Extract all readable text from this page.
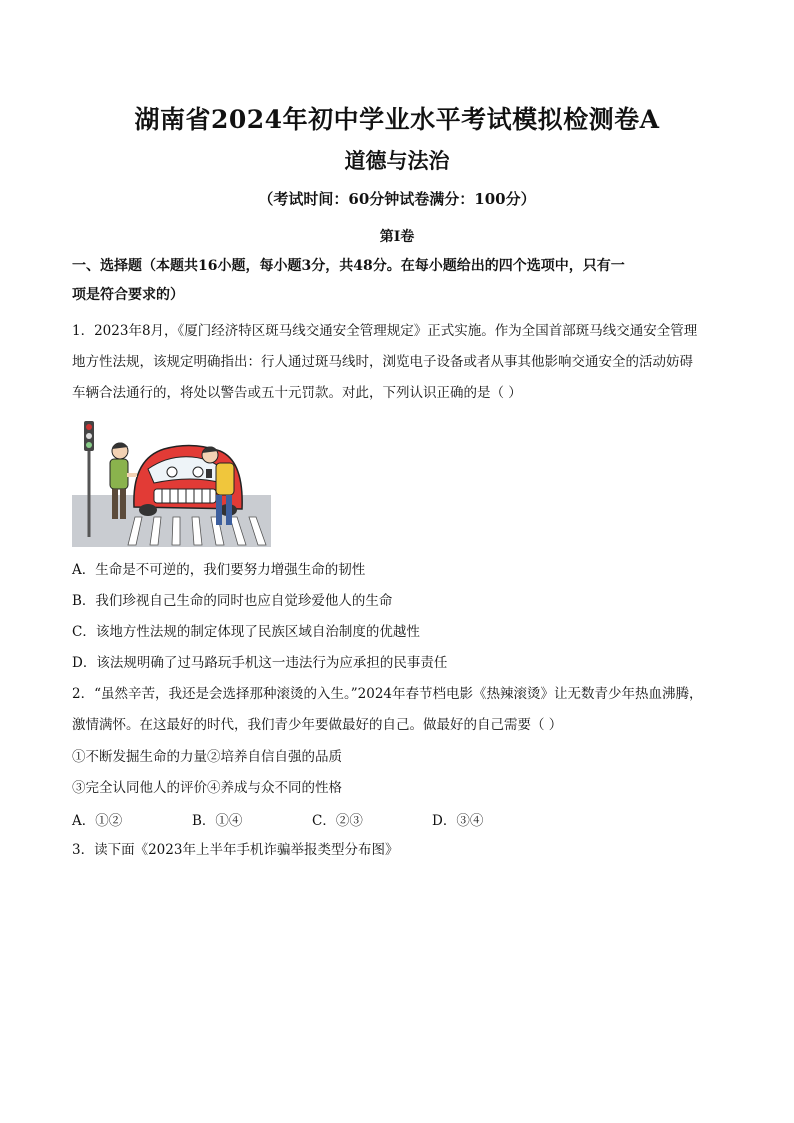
湖南省2024年初中学业水平考试模拟检测卷A
道德与法治
（考试时间：60分钟试卷满分：100分）
第I卷
一、选择题（本题共16小题，每小题3分，共48分。在每小题给出的四个选项中，只有一
项是符合要求的）
1．2023年8月，《厦门经济特区斑马线交通安全管理规定》正式实施。作为全国首部斑马线交通安全管理
地方性法规，该规定明确指出：行人通过斑马线时，浏览电子设备或者从事其他影响交通安全的活动妨碍
车辆合法通行的，将处以警告或五十元罚款。对此，下列认识正确的是（ ）
A．生命是不可逆的，我们要努力增强生命的韧性
B．我们珍视自己生命的同时也应自觉珍爱他人的生命
C．该地方性法规的制定体现了民族区域自治制度的优越性
D．该法规明确了过马路玩手机这一违法行为应承担的民事责任
2．“虽然辛苦，我还是会选择那种滚烫的入生。”2024年春节档电影《热辣滚烫》让无数青少年热血沸腾，
激情满怀。在这最好的时代，我们青少年要做最好的自己。做最好的自己需要（ ）
①不断发掘生命的力量②培养自信自强的品质
③完全认同他人的评价④养成与众不同的性格
A．①②	B．①④	C．②③	D．③④
3．读下面《2023年上半年手机诈骗举报类型分布图》
